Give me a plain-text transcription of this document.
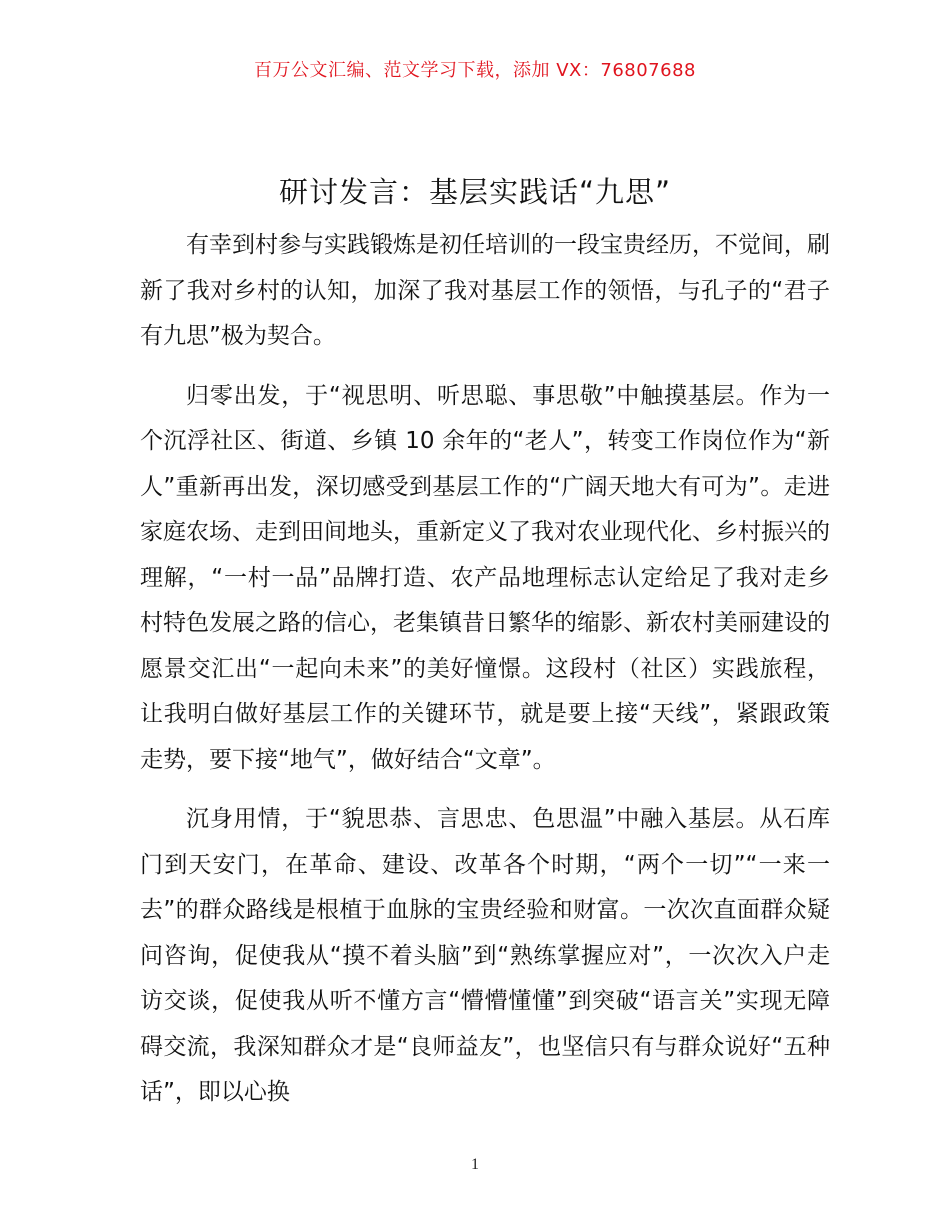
百万公文汇编、范文学习下载，添加 VX：76807688
研讨发言：基层实践话“九思”

有幸到村参与实践锻炼是初任培训的一段宝贵经历，不觉间，刷新了我对乡村的认知，加深了我对基层工作的领悟，与孔子的“君子有九思”极为契合。

归零出发，于“视思明、听思聪、事思敬”中触摸基层。作为一个沉浮社区、街道、乡镇 10 余年的“老人”，转变工作岗位作为“新人”重新再出发，深切感受到基层工作的“广阔天地大有可为”。走进家庭农场、走到田间地头，重新定义了我对农业现代化、乡村振兴的理解，“一村一品”品牌打造、农产品地理标志认定给足了我对走乡村特色发展之路的信心，老集镇昔日繁华的缩影、新农村美丽建设的愿景交汇出“一起向未来”的美好憧憬。这段村（社区）实践旅程，让我明白做好基层工作的关键环节，就是要上接“天线”，紧跟政策走势，要下接“地气”，做好结合“文章”。

沉身用情，于“貌思恭、言思忠、色思温”中融入基层。从石库门到天安门，在革命、建设、改革各个时期，“两个一切”“一来一去”的群众路线是根植于血脉的宝贵经验和财富。一次次直面群众疑问咨询，促使我从“摸不着头脑”到“熟练掌握应对”，一次次入户走访交谈，促使我从听不懂方言“懵懵懂懂”到突破“语言关”实现无障碍交流，我深知群众才是“良师益友”，也坚信只有与群众说好“五种话”，即以心换

1
